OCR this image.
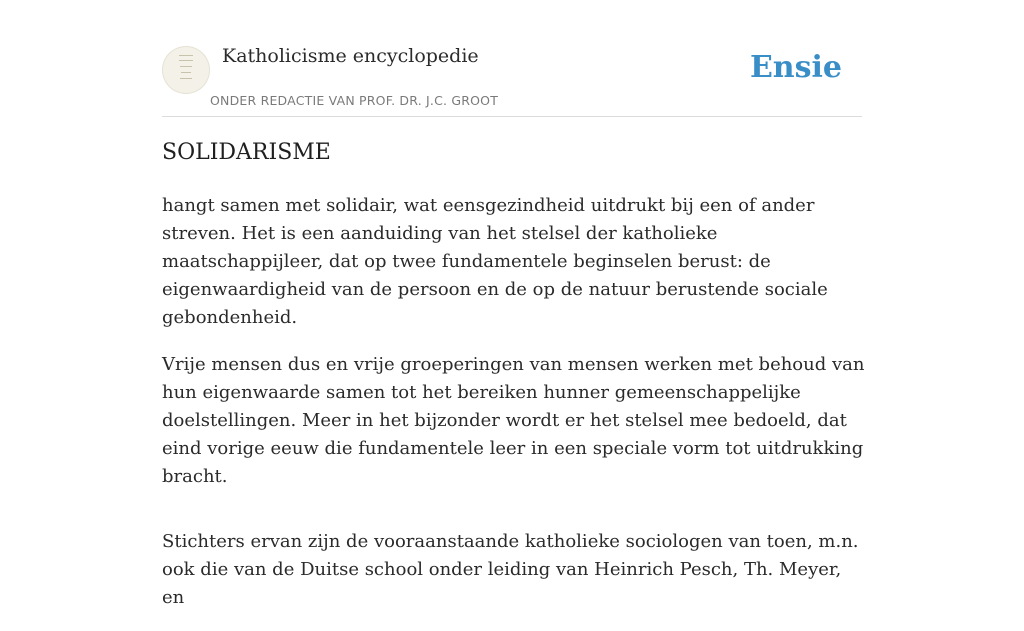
Katholicisme encyclopedie
ONDER REDACTIE VAN PROF. DR. J.C. GROOT
Ensie
SOLIDARISME

hangt samen met solidair, wat eensgezindheid uitdrukt bij een of ander streven. Het is een aanduiding van het stelsel der katholieke maatschappijleer, dat op twee fundamentele beginselen berust: de eigenwaardigheid van de persoon en de op de natuur berustende sociale gebondenheid.

Vrije mensen dus en vrije groeperingen van mensen werken met behoud van hun eigenwaarde samen tot het bereiken hunner gemeenschappelijke doelstellingen. Meer in het bijzonder wordt er het stelsel mee bedoeld, dat eind vorige eeuw die fundamentele leer in een speciale vorm tot uitdrukking bracht.

Stichters ervan zijn de vooraanstaande katholieke sociologen van toen, m.n. ook die van de Duitse school onder leiding van Heinrich Pesch, Th. Meyer, en
